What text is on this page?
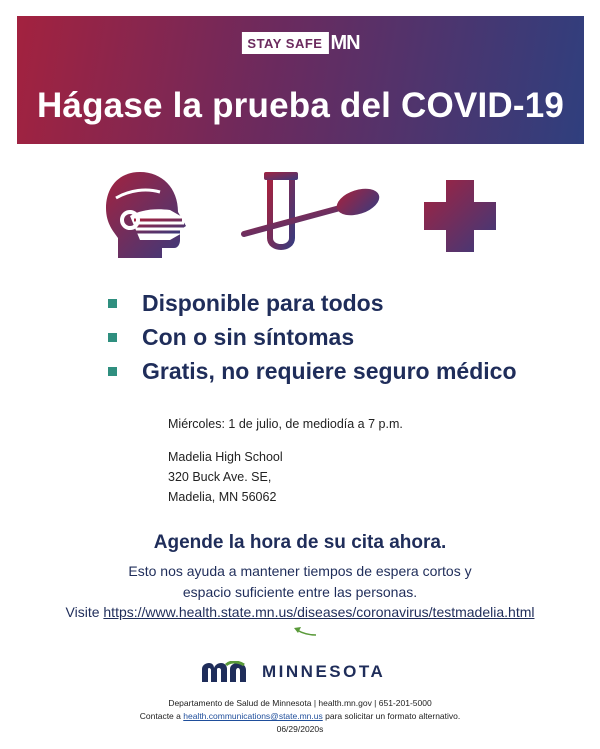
STAY SAFE MN
Hágase la prueba del COVID-19
Disponible para todos
Con o sin síntomas
Gratis, no requiere seguro médico
Miércoles: 1 de julio, de mediodía a 7 p.m.
Madelia High School
320 Buck Ave. SE,
Madelia, MN 56062
Agende la hora de su cita ahora.
Esto nos ayuda a mantener tiempos de espera cortos y
espacio suficiente entre las personas.
Visite https://www.health.state.mn.us/diseases/coronavirus/testmadelia.html
MINNESOTA
Departamento de Salud de Minnesota | health.mn.gov | 651-201-5000
Contacte a health.communications@state.mn.us para solicitar un formato alternativo.
06/29/2020s
